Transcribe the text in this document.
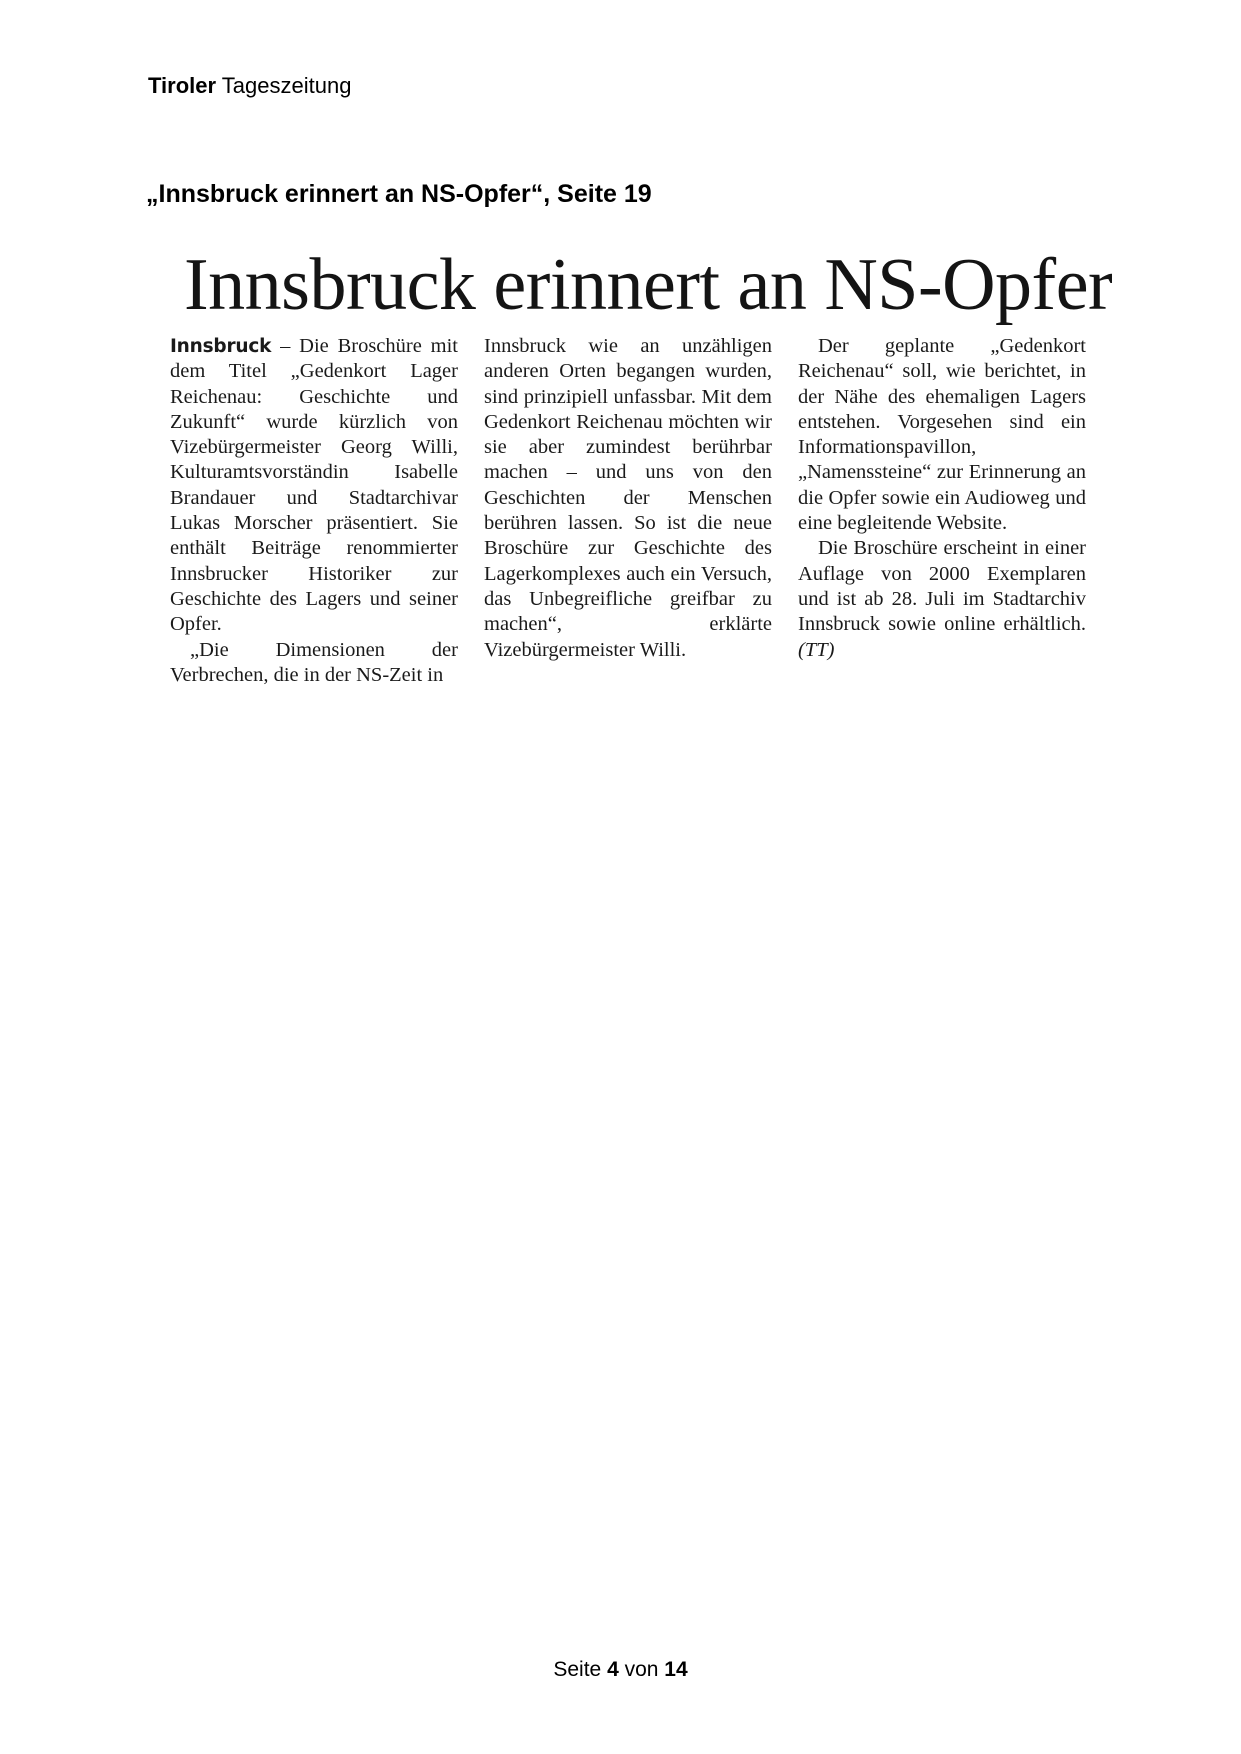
Tiroler Tageszeitung
„Innsbruck erinnert an NS-Opfer“, Seite 19
Innsbruck erinnert an NS-Opfer

Innsbruck – Die Broschüre mit dem Titel „Gedenkort Lager Reichenau: Geschichte und Zukunft“ wurde kürzlich von Vizebürgermeister Georg Willi, Kulturamtsvorständin Isabelle Brandauer und Stadtarchivar Lukas Morscher präsentiert. Sie enthält Beiträge renommierter Innsbrucker Historiker zur Geschichte des Lagers und seiner Opfer.

„Die Dimensionen der Verbrechen, die in der NS-Zeit in

Innsbruck wie an unzähligen anderen Orten begangen wurden, sind prinzipiell unfassbar. Mit dem Gedenkort Reichenau möchten wir sie aber zumindest berührbar machen – und uns von den Geschichten der Menschen berühren lassen. So ist die neue Broschüre zur Geschichte des Lagerkomplexes auch ein Versuch, das Unbegreifliche greifbar zu machen“, erklärte Vizebürgermeister Willi.

Der geplante „Gedenkort Reichenau“ soll, wie berichtet, in der Nähe des ehemaligen Lagers entstehen. Vorgesehen sind ein Informationspavillon, „Namenssteine“ zur Erinnerung an die Opfer sowie ein Audioweg und eine begleitende Website.

Die Broschüre erscheint in einer Auflage von 2000 Exemplaren und ist ab 28. Juli im Stadtarchiv Innsbruck sowie online erhältlich. (TT)

Seite 4 von 14
